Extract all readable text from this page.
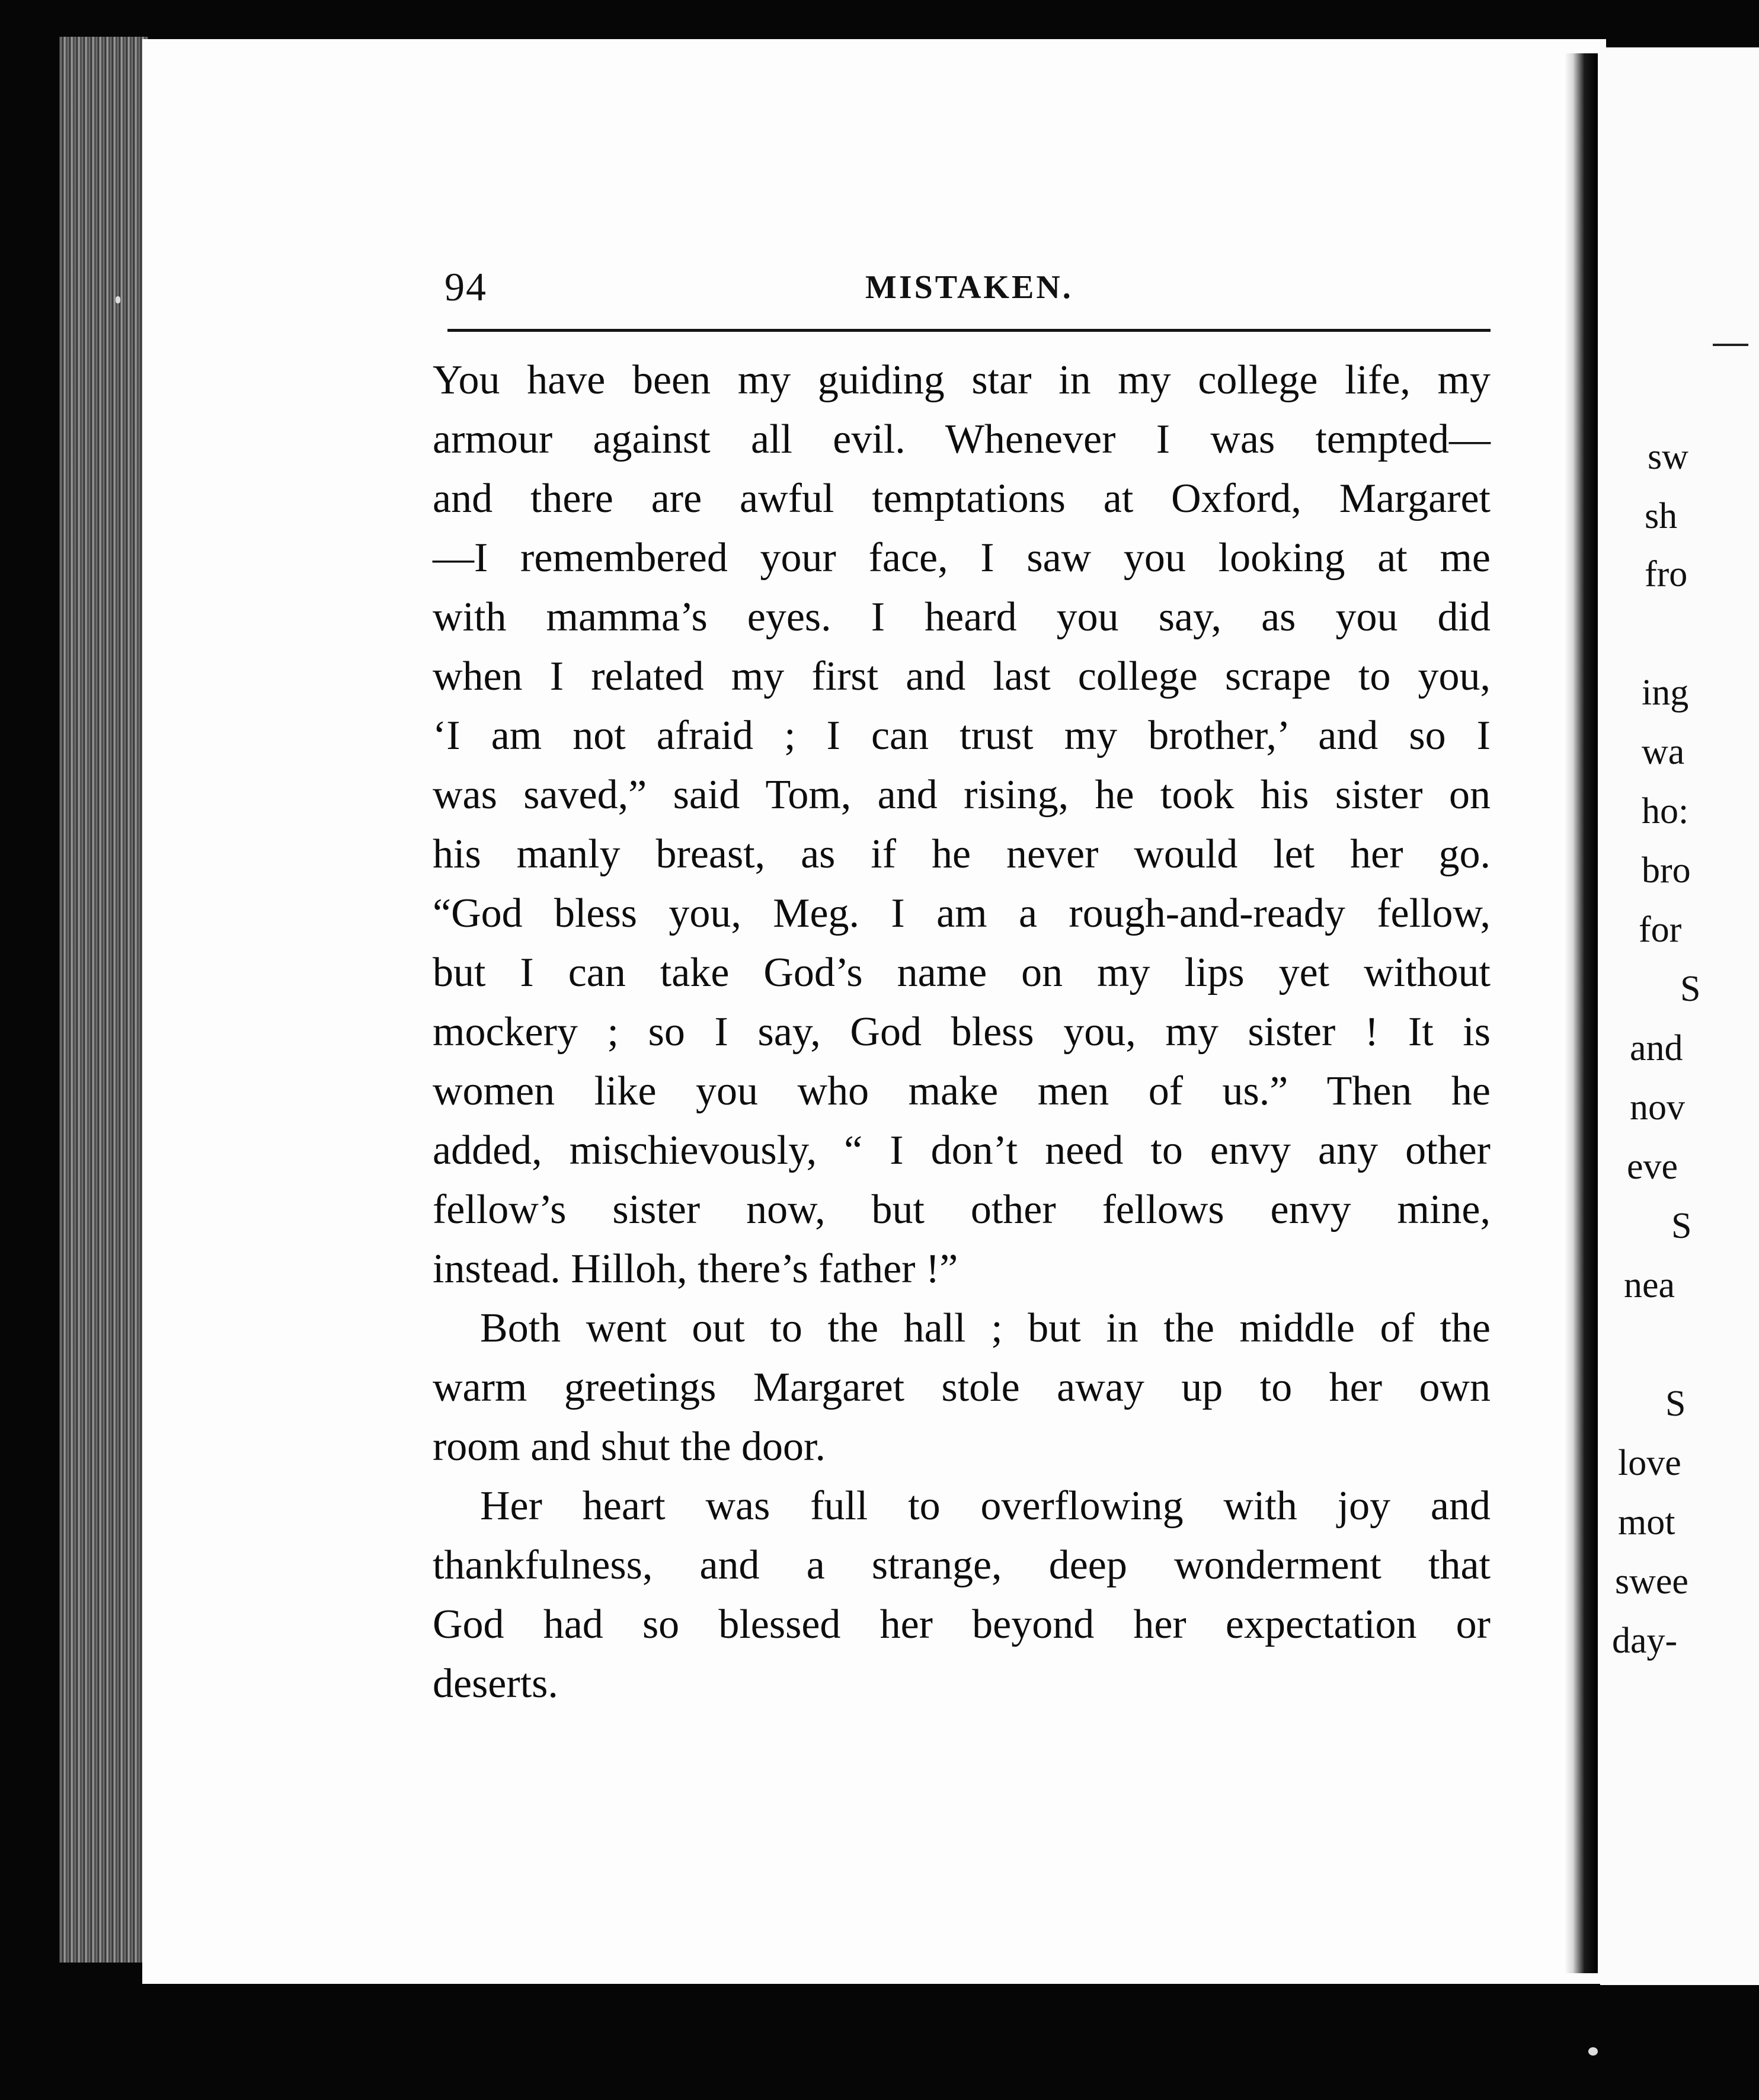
94	MISTAKEN.
You have been my guiding star in my college life, my
armour against all evil. Whenever I was tempted—
and there are awful temptations at Oxford, Margaret
—I remembered your face, I saw you looking at me
with mamma’s eyes. I heard you say, as you did
when I related my first and last college scrape to you,
‘I am not afraid ; I can trust my brother,’ and so I
was saved,” said Tom, and rising, he took his sister on
his manly breast, as if he never would let her go.
“God bless you, Meg. I am a rough-and-ready fellow,
but I can take God’s name on my lips yet without
mockery ; so I say, God bless you, my sister ! It is
women like you who make men of us.” Then he
added, mischievously, “ I don’t need to envy any other
fellow’s sister now, but other fellows envy mine,
instead. Hilloh, there’s father !”
Both went out to the hall ; but in the middle of the
warm greetings Margaret stole away up to her own
room and shut the door.
Her heart was full to overflowing with joy and
thankfulness, and a strange, deep wonderment that
God had so blessed her beyond her expectation or
deserts.
sw
sh
fro
ing
wa
ho:
bro
for
S
and
nov
eve
S
nea
S
love
mot
swee
day-
